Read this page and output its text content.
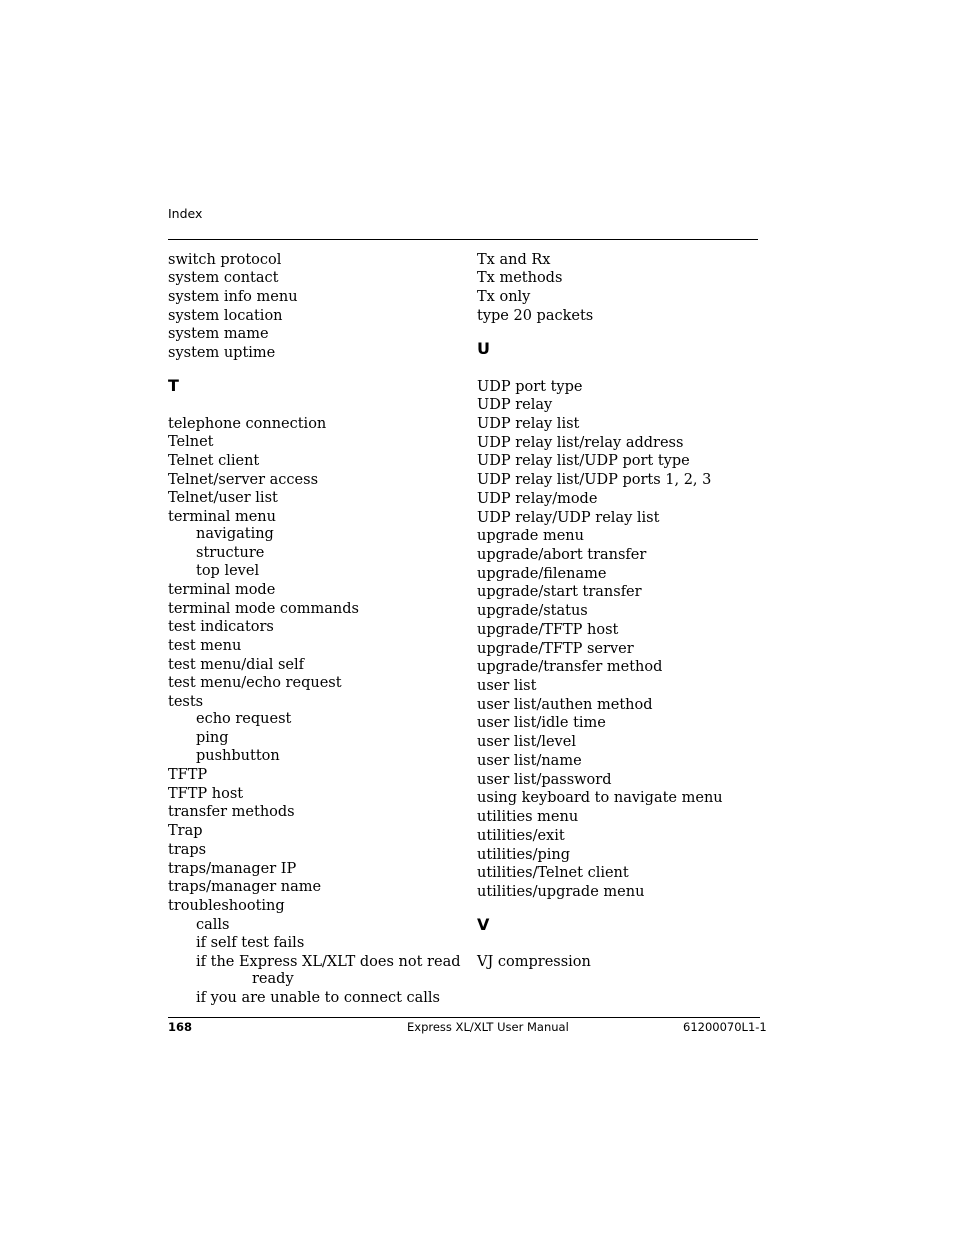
Index
switch protocol
system contact
system info menu
system location
system mame
system uptime
T
telephone connection
Telnet
Telnet client
Telnet/server access
Telnet/user list
terminal menu
navigating
structure
top level
terminal mode
terminal mode commands
test indicators
test menu
test menu/dial self
test menu/echo request
tests
echo request
ping
pushbutton
TFTP
TFTP host
transfer methods
Trap
traps
traps/manager IP
traps/manager name
troubleshooting
calls
if self test fails
if the Express XL/XLT does not read
ready
if you are unable to connect calls
Tx and Rx
Tx methods
Tx only
type 20 packets
U
UDP port type
UDP relay
UDP relay list
UDP relay list/relay address
UDP relay list/UDP port type
UDP relay list/UDP ports 1, 2, 3
UDP relay/mode
UDP relay/UDP relay list
upgrade menu
upgrade/abort transfer
upgrade/filename
upgrade/start transfer
upgrade/status
upgrade/TFTP host
upgrade/TFTP server
upgrade/transfer method
user list
user list/authen method
user list/idle time
user list/level
user list/name
user list/password
using keyboard to navigate menu
utilities menu
utilities/exit
utilities/ping
utilities/Telnet client
utilities/upgrade menu
V
VJ compression
168	Express XL/XLT User Manual	61200070L1-1
